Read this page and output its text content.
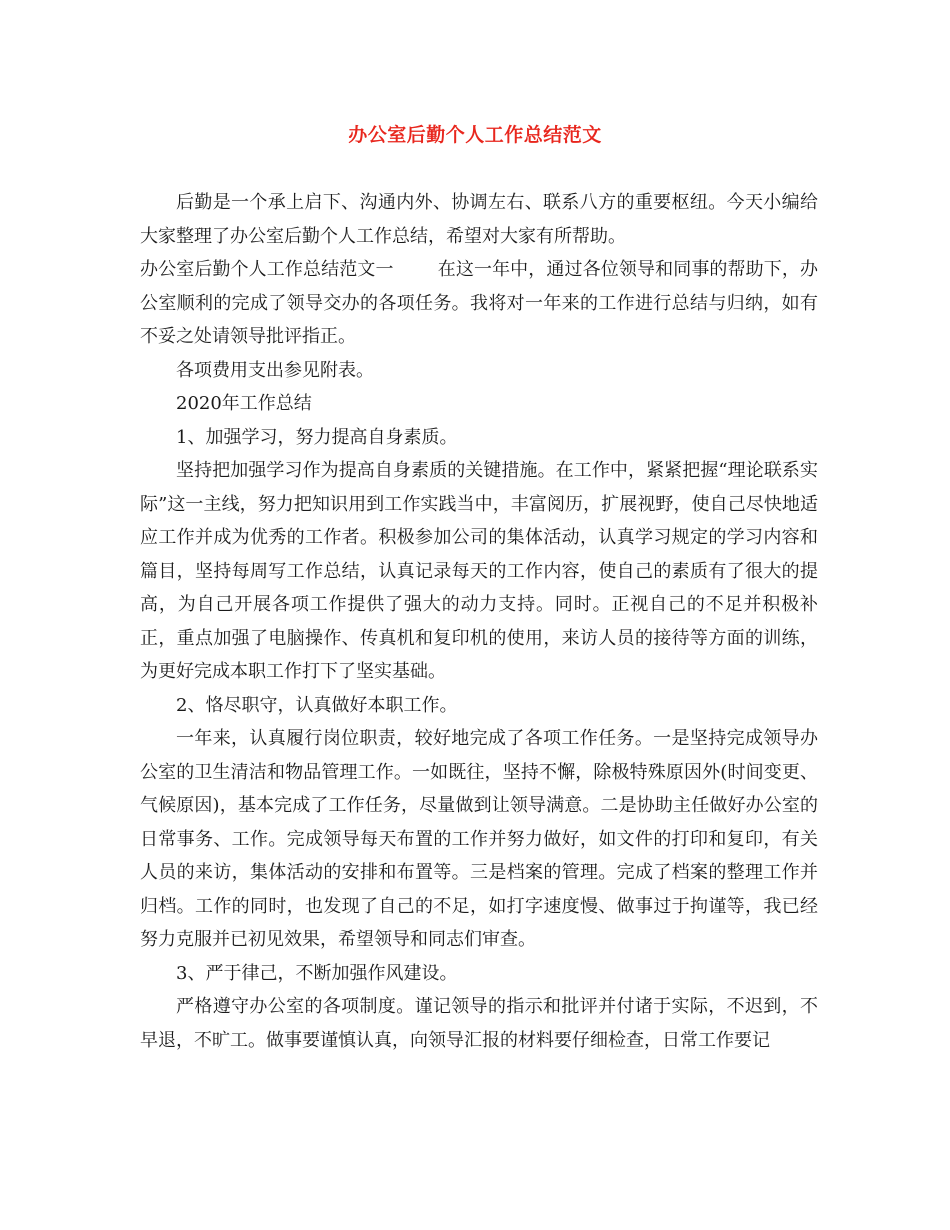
办公室后勤个人工作总结范文

后勤是一个承上启下、沟通内外、协调左右、联系八方的重要枢纽。今天小编给大家整理了办公室后勤个人工作总结，希望对大家有所帮助。

办公室后勤个人工作总结范文一 在这一年中，通过各位领导和同事的帮助下，办公室顺利的完成了领导交办的各项任务。我将对一年来的工作进行总结与归纳，如有不妥之处请领导批评指正。

各项费用支出参见附表。

2020年工作总结

1、加强学习，努力提高自身素质。

坚持把加强学习作为提高自身素质的关键措施。在工作中，紧紧把握“理论联系实际”这一主线，努力把知识用到工作实践当中，丰富阅历，扩展视野，使自己尽快地适应工作并成为优秀的工作者。积极参加公司的集体活动，认真学习规定的学习内容和篇目，坚持每周写工作总结，认真记录每天的工作内容，使自己的素质有了很大的提高，为自己开展各项工作提供了强大的动力支持。同时。正视自己的不足并积极补正，重点加强了电脑操作、传真机和复印机的使用，来访人员的接待等方面的训练，为更好完成本职工作打下了坚实基础。

2、恪尽职守，认真做好本职工作。

一年来，认真履行岗位职责，较好地完成了各项工作任务。一是坚持完成领导办公室的卫生清洁和物品管理工作。一如既往，坚持不懈，除极特殊原因外(时间变更、气候原因)，基本完成了工作任务，尽量做到让领导满意。二是协助主任做好办公室的日常事务、工作。完成领导每天布置的工作并努力做好，如文件的打印和复印，有关人员的来访，集体活动的安排和布置等。三是档案的管理。完成了档案的整理工作并归档。工作的同时，也发现了自己的不足，如打字速度慢、做事过于拘谨等，我已经努力克服并已初见效果，希望领导和同志们审查。

3、严于律己，不断加强作风建设。

严格遵守办公室的各项制度。谨记领导的指示和批评并付诸于实际，不迟到，不早退，不旷工。做事要谨慎认真，向领导汇报的材料要仔细检查，日常工作要记
